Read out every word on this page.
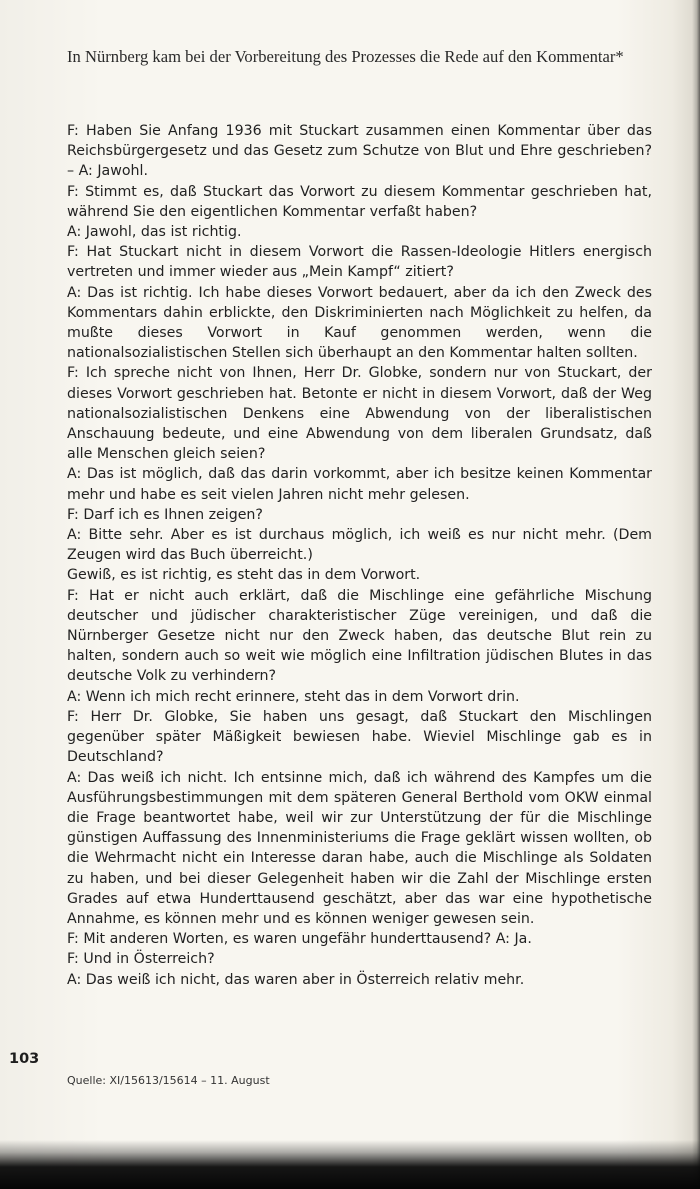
In Nürnberg kam bei der Vorbereitung des Prozesses die Rede auf den Kommentar*

F: Haben Sie Anfang 1936 mit Stuckart zusammen einen Kommentar über das Reichsbürgergesetz und das Gesetz zum Schutze von Blut und Ehre geschrieben? – A: Jawohl.

F: Stimmt es, daß Stuckart das Vorwort zu diesem Kommentar geschrieben hat, während Sie den eigentlichen Kommentar verfaßt haben?

A: Jawohl, das ist richtig.

F: Hat Stuckart nicht in diesem Vorwort die Rassen-Ideologie Hitlers energisch vertreten und immer wieder aus „Mein Kampf“ zitiert?

A: Das ist richtig. Ich habe dieses Vorwort bedauert, aber da ich den Zweck des Kommentars dahin erblickte, den Diskriminierten nach Möglichkeit zu helfen, da mußte dieses Vorwort in Kauf genommen werden, wenn die nationalsozialistischen Stellen sich überhaupt an den Kommentar halten sollten.

F: Ich spreche nicht von Ihnen, Herr Dr. Globke, sondern nur von Stuckart, der dieses Vorwort geschrieben hat. Betonte er nicht in diesem Vorwort, daß der Weg nationalsozialistischen Denkens eine Abwendung von der liberalistischen Anschauung bedeute, und eine Abwendung von dem liberalen Grundsatz, daß alle Menschen gleich seien?

A: Das ist möglich, daß das darin vorkommt, aber ich besitze keinen Kommentar mehr und habe es seit vielen Jahren nicht mehr gelesen.

F: Darf ich es Ihnen zeigen?

A: Bitte sehr. Aber es ist durchaus möglich, ich weiß es nur nicht mehr. (Dem Zeugen wird das Buch überreicht.)

Gewiß, es ist richtig, es steht das in dem Vorwort.

F: Hat er nicht auch erklärt, daß die Mischlinge eine gefährliche Mischung deutscher und jüdischer charakteristischer Züge vereinigen, und daß die Nürnberger Gesetze nicht nur den Zweck haben, das deutsche Blut rein zu halten, sondern auch so weit wie möglich eine Infiltration jüdischen Blutes in das deutsche Volk zu verhindern?

A: Wenn ich mich recht erinnere, steht das in dem Vorwort drin.

F: Herr Dr. Globke, Sie haben uns gesagt, daß Stuckart den Mischlingen gegenüber später Mäßigkeit bewiesen habe. Wieviel Mischlinge gab es in Deutschland?

A: Das weiß ich nicht. Ich entsinne mich, daß ich während des Kampfes um die Ausführungsbestimmungen mit dem späteren General Berthold vom OKW einmal die Frage beantwortet habe, weil wir zur Unterstützung der für die Mischlinge günstigen Auffassung des Innenministeriums die Frage geklärt wissen wollten, ob die Wehrmacht nicht ein Interesse daran habe, auch die Mischlinge als Soldaten zu haben, und bei dieser Gelegenheit haben wir die Zahl der Mischlinge ersten Grades auf etwa Hunderttausend geschätzt, aber das war eine hypothetische Annahme, es können mehr und es können weniger gewesen sein.

F: Mit anderen Worten, es waren ungefähr hunderttausend? A: Ja.

F: Und in Österreich?

A: Das weiß ich nicht, das waren aber in Österreich relativ mehr.

103
Quelle: XI/15613/15614 – 11. August
